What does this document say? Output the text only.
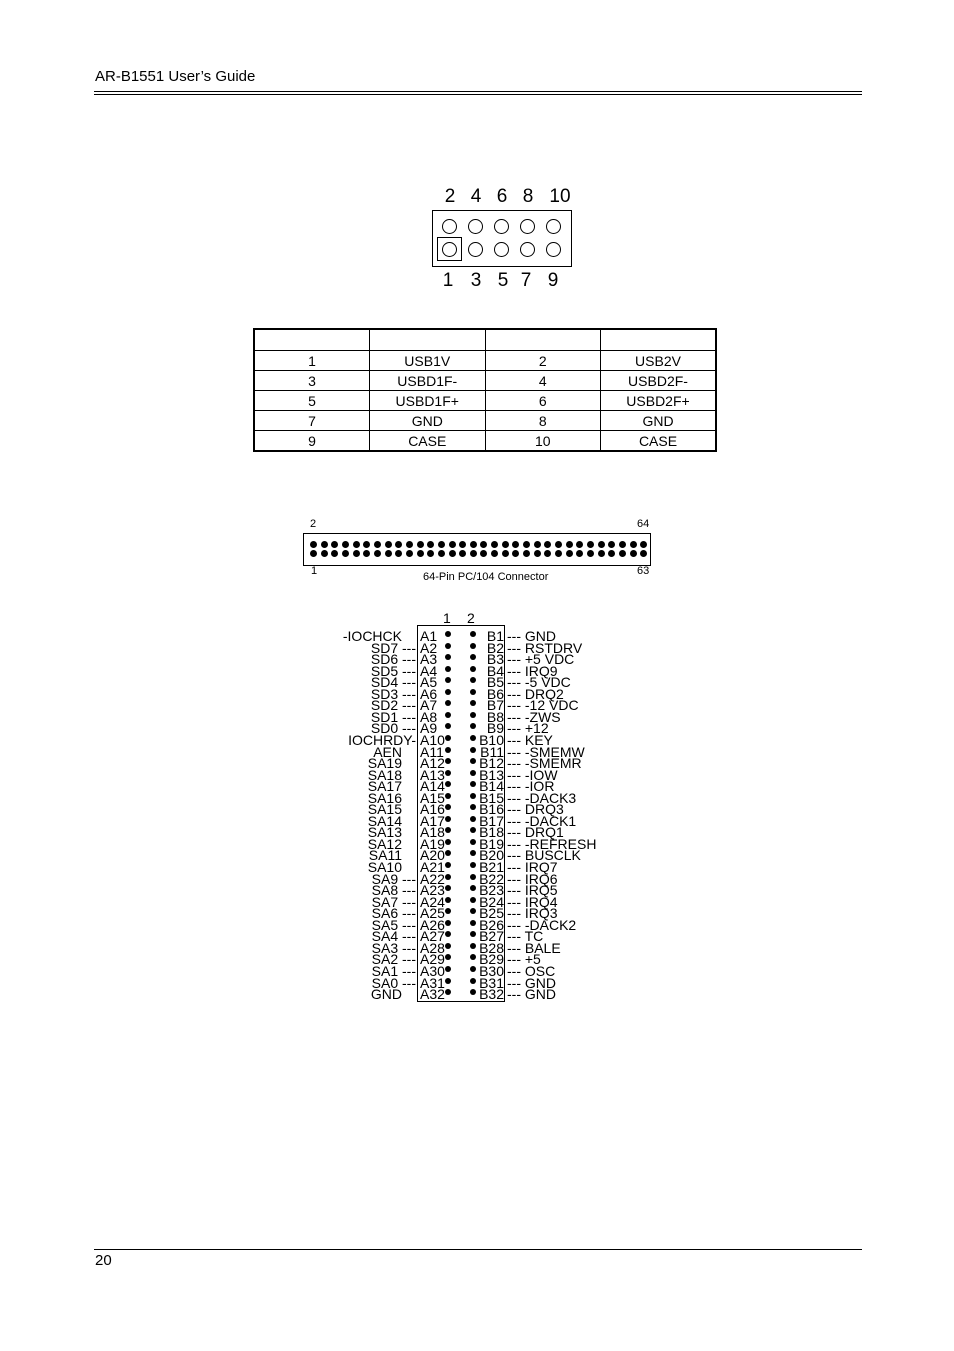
AR-B1551 User’s Guide
20
2 4 6 8 10
1 3 5 7 9

1	USB1V	2	USB2V
3	USBD1F-	4	USBD2F-
5	USBD1F+	6	USBD2F+
7	GND	8	GND
9	CASE	10	CASE
2	64
1	63
64-Pin PC/104 Connector
1 2
-IOCHCK A1	B1 --- GND
SD7 --- A2	B2 --- RSTDRV
SD6 --- A3	B3 --- +5 VDC
SD5 --- A4	B4 --- IRQ9
SD4 --- A5	B5 --- -5 VDC
SD3 --- A6	B6 --- DRQ2
SD2 --- A7	B7 --- -12 VDC
SD1 --- A8	B8 --- -ZWS
SD0 --- A9	B9 --- +12
IOCHRDY- A10 B10 --- KEY
AEN A11	B11 --- -SMEMW
SA19 A12 B12 --- -SMEMR
SA18 A13 B13 --- -IOW
SA17 A14 B14 --- -IOR
SA16 A15 B15 --- -DACK3
SA15 A16 B16 --- DRQ3
SA14 A17 B17 --- -DACK1
SA13 A18 B18 --- DRQ1
SA12 A19 B19 --- -REFRESH
SA11 A20 B20 --- BUSCLK
SA10 A21 B21 --- IRQ7
SA9 --- A22 B22 --- IRQ6
SA8 --- A23 B23 --- IRQ5
SA7 --- A24 B24 --- IRQ4
SA6 --- A25 B25 --- IRQ3
SA5 --- A26 B26 --- -DACK2
SA4 --- A27 B27 --- TC
SA3 --- A28 B28 --- BALE
SA2 --- A29 B29 --- +5
SA1 --- A30 B30 --- OSC
SA0 --- A31 B31 --- GND
GND A32 B32 --- GND
